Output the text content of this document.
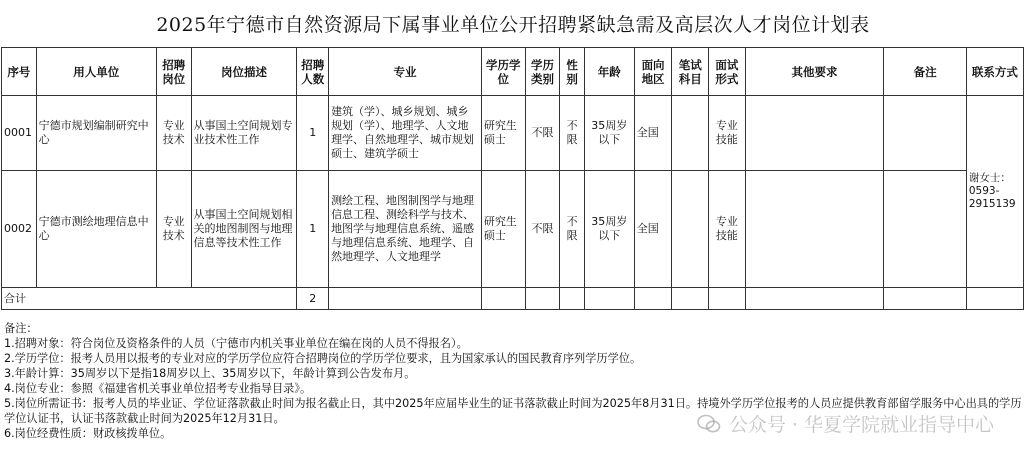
2025年宁德市自然资源局下属事业单位公开招聘紧缺急需及高层次人才岗位计划表
序号	用人单位	招聘岗位	岗位描述	招聘人数	专业	学历学位	学历类别	性别	年龄	面向地区	笔试科目	面试形式	其他要求	备注	联系方式
0001	宁德市规划编制研究中心	专业技术	从事国土空间规划专业技术性工作	1	建筑（学）、城乡规划、城乡规划（学）、地理学、人文地理学、自然地理学、城市规划硕士、建筑学硕士	研究生硕士	不限	不限	35周岁以下	全国		专业技能			谢女士：
0593-2915139

0002	宁德市测绘地理信息中心	专业技术	从事国土空间规划相关的地图制图与地理信息等技术性工作	1	测绘工程、地图制图学与地理信息工程、测绘科学与技术、地图学与地理信息系统、遥感与地理信息系统、地理学、自然地理学、人文地理学	研究生硕士	不限	不限	35周岁以下	全国		专业技能			
合计				2											
备注：
1.招聘对象：符合岗位及资格条件的人员（宁德市内机关事业单位在编在岗的人员不得报名）。
2.学历学位：报考人员用以报考的专业对应的学历学位应符合招聘岗位的学历学位要求，且为国家承认的国民教育序列学历学位。
3.年龄计算：35周岁以下是指18周岁以上、35周岁以下，年龄计算到公告发布月。
4.岗位专业：参照《福建省机关事业单位招考专业指导目录》。
5.岗位所需证书：报考人员的毕业证、学位证落款截止时间为报名截止日，其中2025年应届毕业生的证书落款截止时间为2025年8月31日。持境外学历学位报考的人员应提供教育部留学服务中心出具的学历学位认证书，认证书落款截止时间为2025年12月31日。
6.岗位经费性质：财政核拨单位。	公众号 · 华夏学院就业指导中心
